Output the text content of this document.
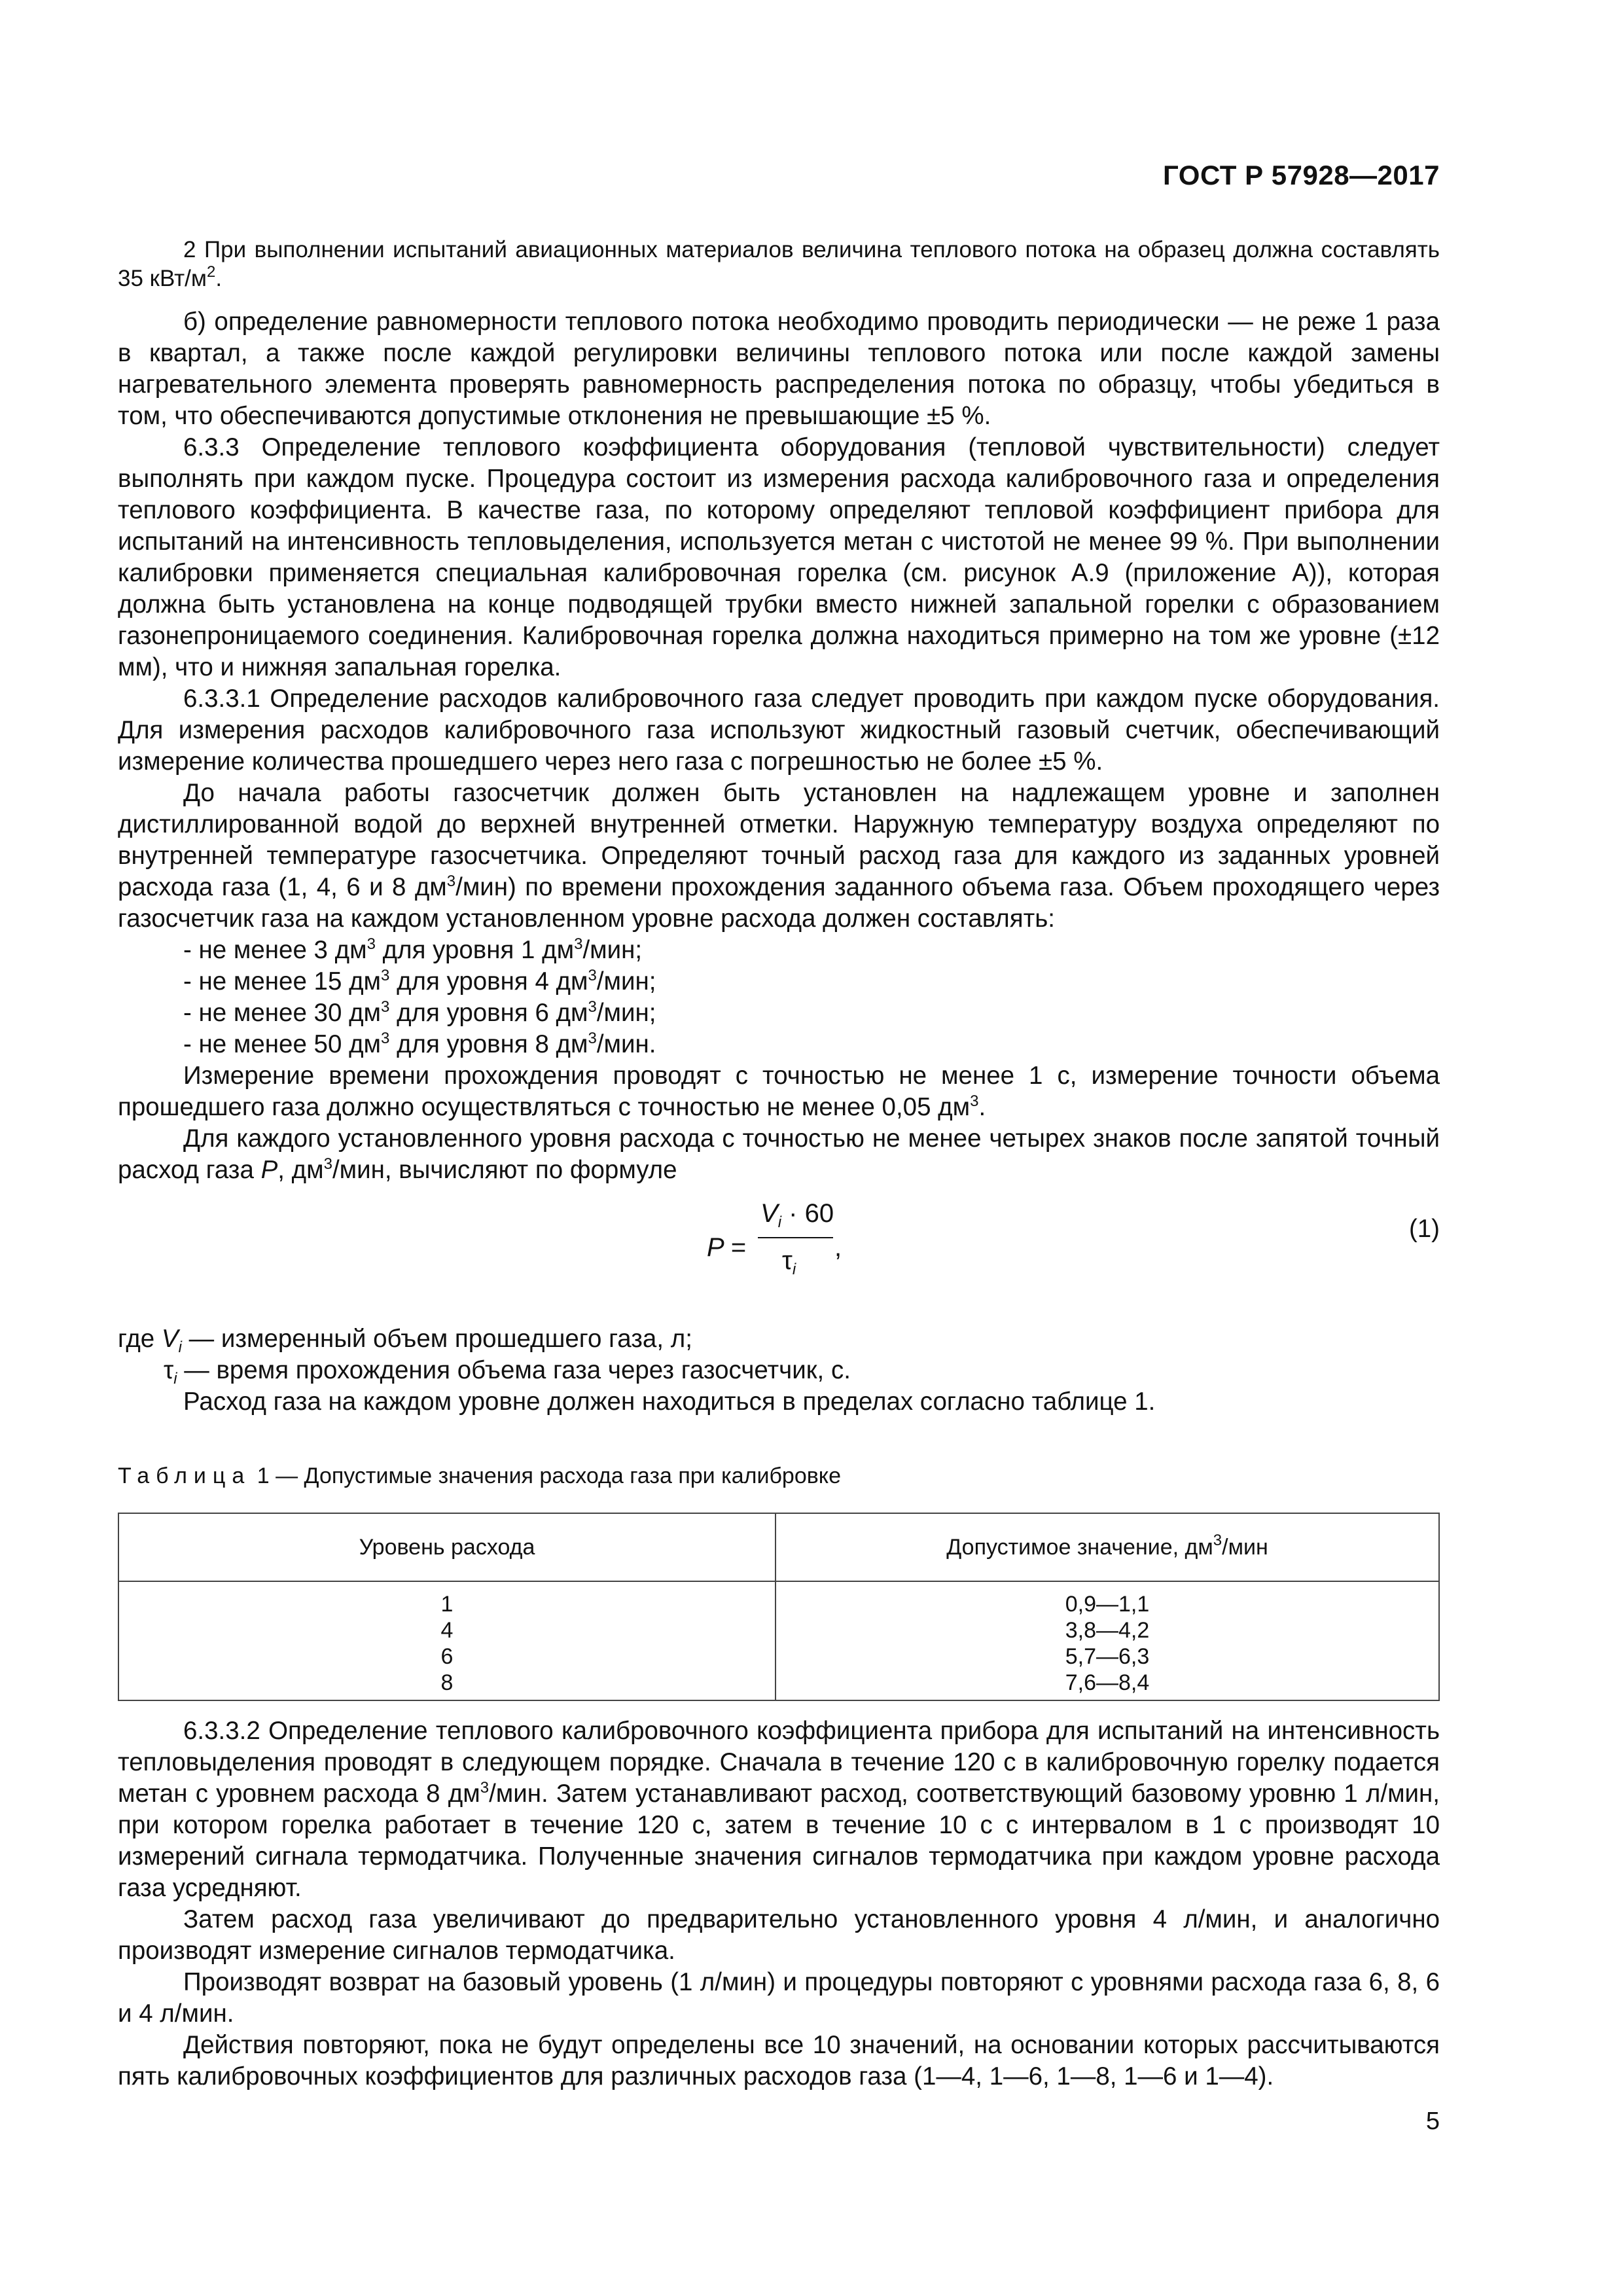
ГОСТ Р 57928—2017

2 При выполнении испытаний авиационных материалов величина теплового потока на образец должна составлять 35 кВт/$м^2$.

б) определение равномерности теплового потока необходимо проводить периодически — не реже 1 раза в квартал, а также после каждой регулировки величины теплового потока или после каждой замены нагревательного элемента проверять равномерность распределения потока по образцу, чтобы убедиться в том, что обеспечиваются допустимые отклонения не превышающие ±5 %.

6.3.3 Определение теплового коэффициента оборудования (тепловой чувствительности) следует выполнять при каждом пуске. Процедура состоит из измерения расхода калибровочного газа и определения теплового коэффициента. В качестве газа, по которому определяют тепловой коэффициент прибора для испытаний на интенсивность тепловыделения, используется метан с чистотой не менее 99 %. При выполнении калибровки применяется специальная калибровочная горелка (см. рисунок А.9 (приложение А)), которая должна быть установлена на конце подводящей трубки вместо нижней запальной горелки с образованием газонепроницаемого соединения. Калибровочная горелка должна находиться примерно на том же уровне (±12 мм), что и нижняя запальная горелка.

6.3.3.1 Определение расходов калибровочного газа следует проводить при каждом пуске оборудования. Для измерения расходов калибровочного газа используют жидкостный газовый счетчик, обеспечивающий измерение количества прошедшего через него газа с погрешностью не более ±5 %.

До начала работы газосчетчик должен быть установлен на надлежащем уровне и заполнен дистиллированной водой до верхней внутренней отметки. Наружную температуру воздуха определяют по внутренней температуре газосчетчика. Определяют точный расход газа для каждого из заданных уровней расхода газа (1, 4, 6 и 8 $дм^3/мин$) по времени прохождения заданного объема газа. Объем проходящего через газосчетчик газа на каждом установленном уровне расхода должен составлять:

- не менее 3 $дм^3$ для уровня 1 $дм^3$/мин;

- не менее 15 $дм^3$ для уровня 4 $дм^3$/мин;

- не менее 30 $дм^3$ для уровня 6 $дм^3$/мин;

- не менее 50 $дм^3$ для уровня 8 $дм^3$/мин.

Измерение времени прохождения проводят с точностью не менее 1 с, измерение точности объема прошедшего газа должно осуществляться с точностью не менее 0,05 $дм^3$.

Для каждого установленного уровня расхода с точностью не менее четырех знаков после запятой точный расход газа P, $дм^3$/мин, вычисляют по формуле

P =
$V_i \cdot 60$
,
$\tau_i$
(1)

где $V_i$ — измеренный объем прошедшего газа, л;

$\tau_i$ — время прохождения объема газа через газосчетчик, с.

Расход газа на каждом уровне должен находиться в пределах согласно таблице 1.

Таблица 1 — Допустимые значения расхода газа при калибровке
Уровень расхода	Допустимое значение, $дм^3$/мин
1	0,9—1,1
4	3,8—4,2
6	5,7—6,3
8	7,6—8,4

6.3.3.2 Определение теплового калибровочного коэффициента прибора для испытаний на интенсивность тепловыделения проводят в следующем порядке. Сначала в течение 120 с в калибровочную горелку подается метан с уровнем расхода 8 $дм^3$/мин. Затем устанавливают расход, соответствующий базовому уровню 1 л/мин, при котором горелка работает в течение 120 с, затем в течение 10 с с интервалом в 1 с производят 10 измерений сигнала термодатчика. Полученные значения сигналов термодатчика при каждом уровне расхода газа усредняют.

Затем расход газа увеличивают до предварительно установленного уровня 4 л/мин, и аналогично производят измерение сигналов термодатчика.

Производят возврат на базовый уровень (1 л/мин) и процедуры повторяют с уровнями расхода газа 6, 8, 6 и 4 л/мин.

Действия повторяют, пока не будут определены все 10 значений, на основании которых рассчитываются пять калибровочных коэффициентов для различных расходов газа (1—4, 1—6, 1—8, 1—6 и 1—4).

5
